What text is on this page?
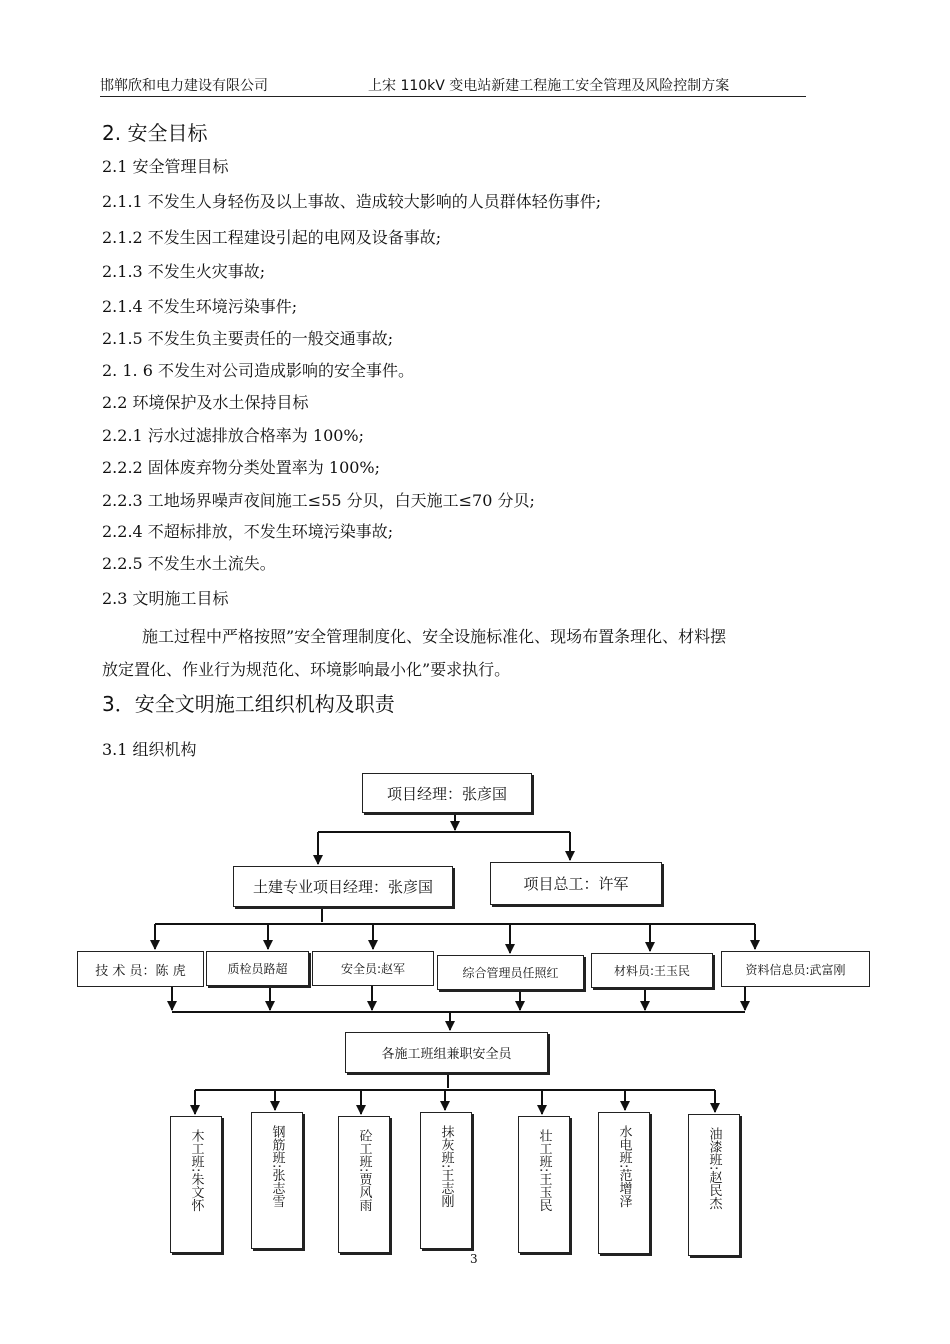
邯郸欣和电力建设有限公司	上宋 110kV 变电站新建工程施工安全管理及风险控制方案
2. 安全目标
2.1 安全管理目标
2.1.1 不发生人身轻伤及以上事故、造成较大影响的人员群体轻伤事件;
2.1.2 不发生因工程建设引起的电网及设备事故;
2.1.3 不发生火灾事故;
2.1.4 不发生环境污染事件;
2.1.5 不发生负主要责任的一般交通事故;
2. 1. 6 不发生对公司造成影响的安全事件。
2.2 环境保护及水土保持目标
2.2.1 污水过滤排放合格率为 100%;
2.2.2 固体废弃物分类处置率为 100%;
2.2.3 工地场界噪声夜间施工≤55 分贝，白天施工≤70 分贝;
2.2.4 不超标排放，不发生环境污染事故;
2.2.5 不发生水土流失。
2.3 文明施工目标
施工过程中严格按照”安全管理制度化、安全设施标准化、现场布置条理化、材料摆
放定置化、作业行为规范化、环境影响最小化”要求执行。
3．安全文明施工组织机构及职责
3.1 组织机构
项目经理：张彦国
土建专业项目经理：张彦国	项目总工：许军
技 术 员：陈 虎	质检员路超	安全员:赵军	综合管理员任照红	材料员:王玉民	资料信息员:武富刚
各施工班组兼职安全员
木工班:朱文怀	钢筋班:张志雪	砼工班:贾风雨	抹灰班:王志刚	壮工班:王玉民	水电班:范增泽	油漆班:赵民杰
3
